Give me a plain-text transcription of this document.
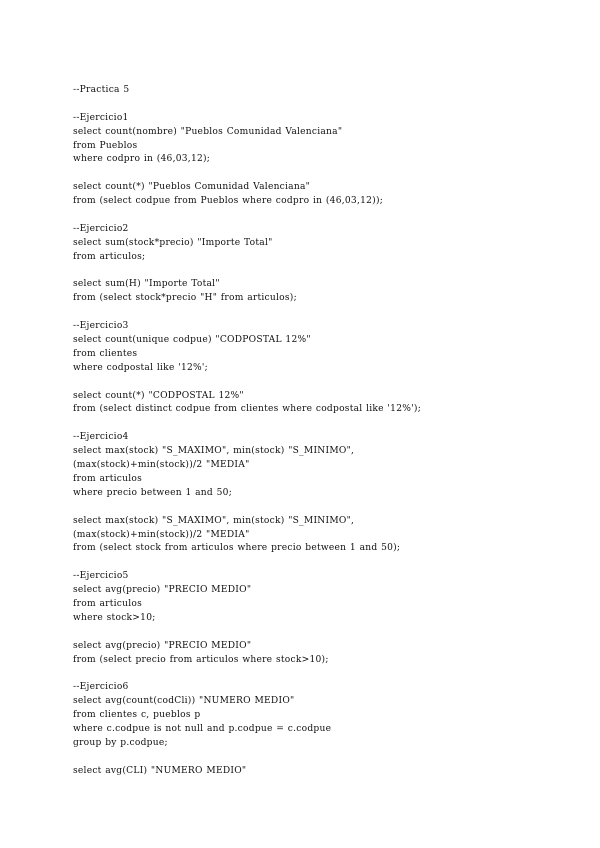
--Practica 5
--Ejercicio1
select count(nombre) "Pueblos Comunidad Valenciana"
from Pueblos
where codpro in (46,03,12);
select count(*) "Pueblos Comunidad Valenciana"
from (select codpue from Pueblos where codpro in (46,03,12));
--Ejercicio2
select sum(stock*precio) "Importe Total"
from articulos;
select sum(H) "Importe Total"
from (select stock*precio "H" from articulos);
--Ejercicio3
select count(unique codpue) "CODPOSTAL 12%"
from clientes
where codpostal like '12%';
select count(*) "CODPOSTAL 12%"
from (select distinct codpue from clientes where codpostal like '12%');
--Ejercicio4
select max(stock) "S_MAXIMO", min(stock) "S_MINIMO",
(max(stock)+min(stock))/2 "MEDIA"
from articulos
where precio between 1 and 50;
select max(stock) "S_MAXIMO", min(stock) "S_MINIMO",
(max(stock)+min(stock))/2 "MEDIA"
from (select stock from articulos where precio between 1 and 50);
--Ejercicio5
select avg(precio) "PRECIO MEDIO"
from articulos
where stock>10;
select avg(precio) "PRECIO MEDIO"
from (select precio from articulos where stock>10);
--Ejercicio6
select avg(count(codCli)) "NUMERO MEDIO"
from clientes c, pueblos p
where c.codpue is not null and p.codpue = c.codpue
group by p.codpue;
select avg(CLI) "NUMERO MEDIO"
